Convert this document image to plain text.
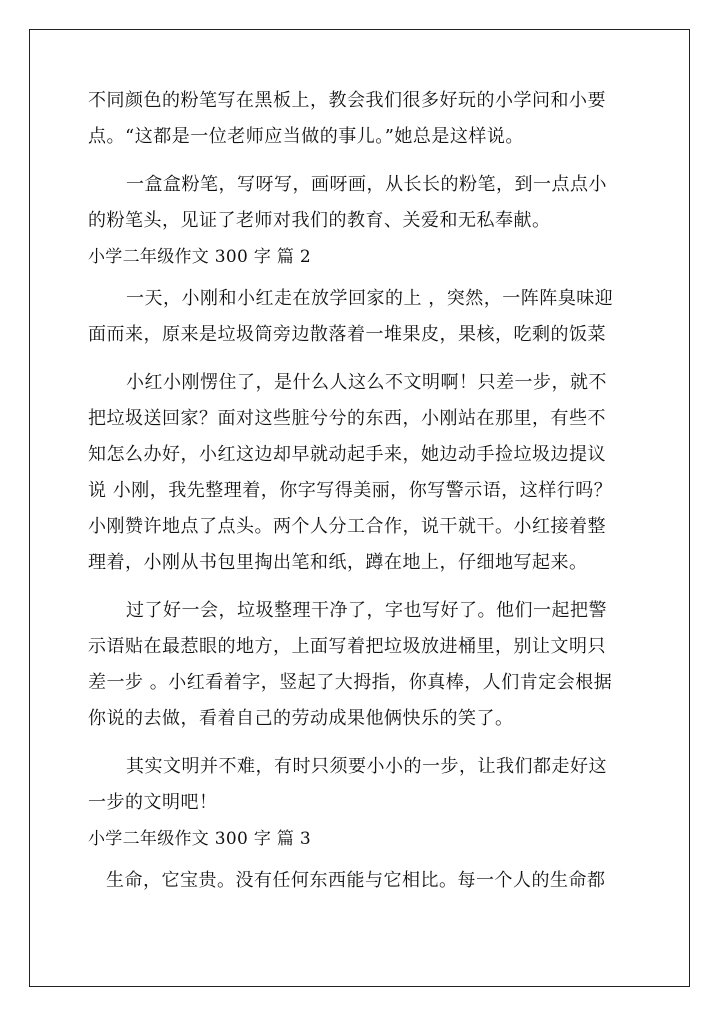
不同颜色的粉笔写在黑板上，教会我们很多好玩的小学问和小要
点。“这都是一位老师应当做的事儿。”她总是这样说。
一盒盒粉笔，写呀写，画呀画，从长长的粉笔，到一点点小
的粉笔头，见证了老师对我们的教育、关爱和无私奉献。
小学二年级作文 300 字 篇 2
一天，小刚和小红走在放学回家的上 ，突然，一阵阵臭味迎
面而来，原来是垃圾筒旁边散落着一堆果皮，果核，吃剩的饭菜
小红小刚愣住了，是什么人这么不文明啊！只差一步，就不
把垃圾送回家？面对这些脏兮兮的东西，小刚站在那里，有些不
知怎么办好，小红这边却早就动起手来，她边动手捡垃圾边提议
说 小刚，我先整理着，你字写得美丽，你写警示语，这样行吗？
小刚赞许地点了点头。两个人分工合作，说干就干。小红接着整
理着，小刚从书包里掏出笔和纸，蹲在地上，仔细地写起来。
过了好一会，垃圾整理干净了，字也写好了。他们一起把警
示语贴在最惹眼的地方，上面写着把垃圾放进桶里，别让文明只
差一步 。小红看着字，竖起了大拇指，你真棒，人们肯定会根据
你说的去做，看着自己的劳动成果他俩快乐的笑了。
其实文明并不难，有时只须要小小的一步，让我们都走好这
一步的文明吧！
小学二年级作文 300 字 篇 3
生命，它宝贵。没有任何东西能与它相比。每一个人的生命都
